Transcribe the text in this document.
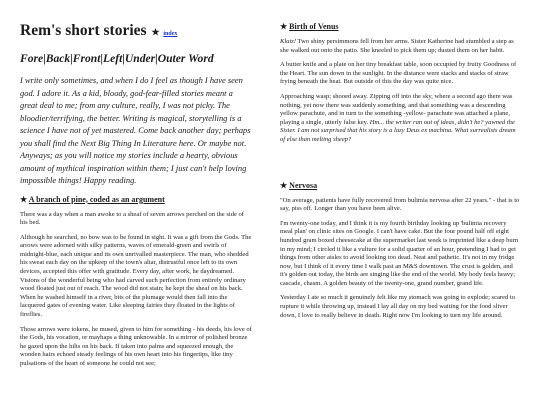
Rem's short stories ★ index
Fore|Back|Front|Left|Under|Outer Word

I write only sometimes, and when I do I feel as though I have seen god. I adore it. As a kid, bloody, god-fear-filled stories meant a great deal to me; from any culture, really, I was not picky. The bloodier/terrifying, the better. Writing is magical, storytelling is a science I have not of yet mastered. Come back another day; perhaps you shall find the Next Big Thing In Literature here. Or maybe not. Anyways; as you will notice my stories include a hearty, obvious amount of mythical inspiration within them; I just can't help loving impossible things! Happy reading.

★ A branch of pine, coded as an argument

There was a day when a man awoke to a sheaf of seven arrows perched on the side of his bed.

Although he searched, no bow was to be found in sight. It was a gift from the Gods. The arrows were adorned with silky patterns, waves of emerald-green and swirls of midnight-blue, each unique and its own unrivalled masterpiece. The man, who shedded his sweat each day on the upkeep of the town's altar, distrustful once left to its own devices, accepted this offer with gratitude. Every day, after work, he daydreamed. Visions of the wonderful being who had carved such perfection from entirely ordinary wood floated just out of reach. The wood did not stain; he kept the sheaf on his back. When he washed himself in a river, bits of the plumage would then fall into the lacquered gates of evening water. Like sleeping fairies they floated in the lights of fireflies.

Those arrows were tokens, he mused, given to him for something - his deeds, his love of the Gods, his vocation, or mayhaps a thing unknowable. In a mirror of polished bronze he gazed upon the hilts on his back. If taken into palms and squeezed enough, the wooden hairs echoed steady feelings of his own heart into his fingertips, like tiny pulsations of the heart of someone he could not see;

★ Birth of Venus

Klutz! Two shiny persimmons fell from her arms. Sister Katherine had stumbled a step as she walked out onto the patio. She kneeled to pick them up; dusted them on her habit.

A butter knife and a plate on her tiny breakfast table, soon occupied by fruity Goodness of the Heart. The sun down in the sunlight. In the distance were stacks and stacks of straw frying beneath the heat. But outside of this the day was quite nice.

Approaching wasp; shooed away. Zipping off into the sky, where a second ago there was nothing, yet now there was suddenly something, and that something was a descending yellow parachute, and in turn to the something -yellow- parachute was attached a plane, playing a single, utterly false key. Hm... the writer ran out of ideas, didn't he? yawned the Sister. I am not surprised that his story is a lazy Deus ex machina. What surrealists dream of else than melting sheep?

★ Nervosa

"On average, patients have fully recovered from bulimia nervosa after 22 years." - that is to say, piss off. Longer than you have been alive.

I'm twenty-one today, and I think it is my fourth birthday looking up 'bulimia recovery meal plan' on clinic sites on Google. I can't have cake. But the four pound half off eight hundred gram boxed cheesecake at the supermarket last week is imprinted like a deep burn in my mind; I circled it like a vulture for a solid quarter of an hour, pretending I had to get things from other aisles to avoid looking too dead. Neat and pathetic. It's not in my fridge now, but I think of it every time I walk past an M&S downtown. The crust is golden, and it's golden out today, the birds are singing like the end of the world. My body feels heavy; cascade, chasm. A golden beauty of the twenty-one, grand number, grand life.

Yesterday I ate so much it genuinely felt like my stomach was going to explode; scared to rupture it while throwing up, instead I lay all day on my bed waiting for the food sliver down, I love to really believe in death. Right now I'm looking to turn my life around.
